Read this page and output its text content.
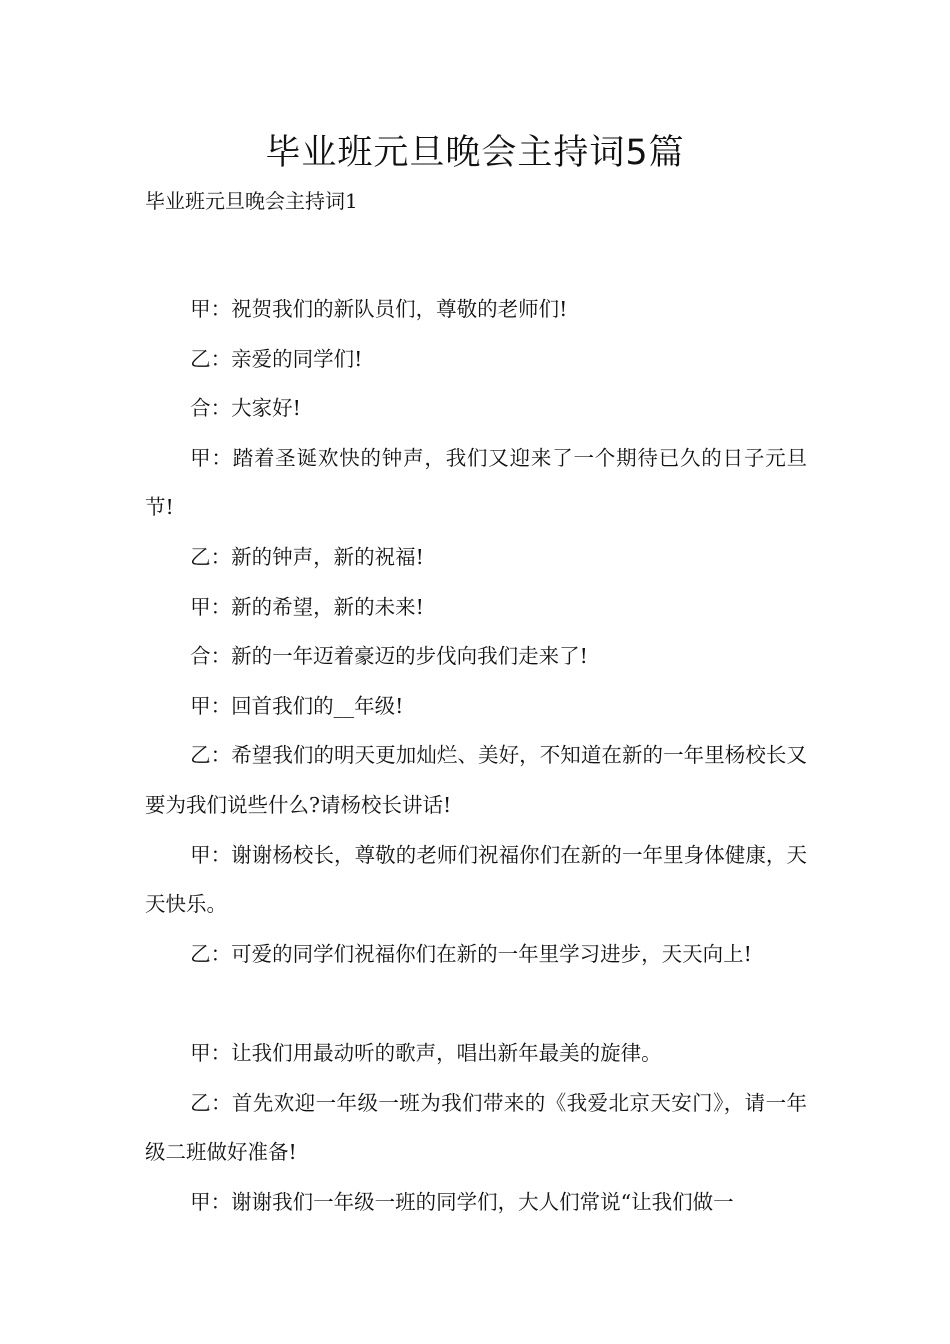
毕业班元旦晚会主持词5篇

毕业班元旦晚会主持词1

甲：祝贺我们的新队员们，尊敬的老师们!

乙：亲爱的同学们!

合：大家好!

甲：踏着圣诞欢快的钟声，我们又迎来了一个期待已久的日子元旦节!

乙：新的钟声，新的祝福!

甲：新的希望，新的未来!

合：新的一年迈着豪迈的步伐向我们走来了!

甲：回首我们的__年级!

乙：希望我们的明天更加灿烂、美好，不知道在新的一年里杨校长又要为我们说些什么?请杨校长讲话!

甲：谢谢杨校长，尊敬的老师们祝福你们在新的一年里身体健康，天天快乐。

乙：可爱的同学们祝福你们在新的一年里学习进步，天天向上!

甲：让我们用最动听的歌声，唱出新年最美的旋律。

乙：首先欢迎一年级一班为我们带来的《我爱北京天安门》，请一年级二班做好准备!

甲：谢谢我们一年级一班的同学们，大人们常说“让我们做一
